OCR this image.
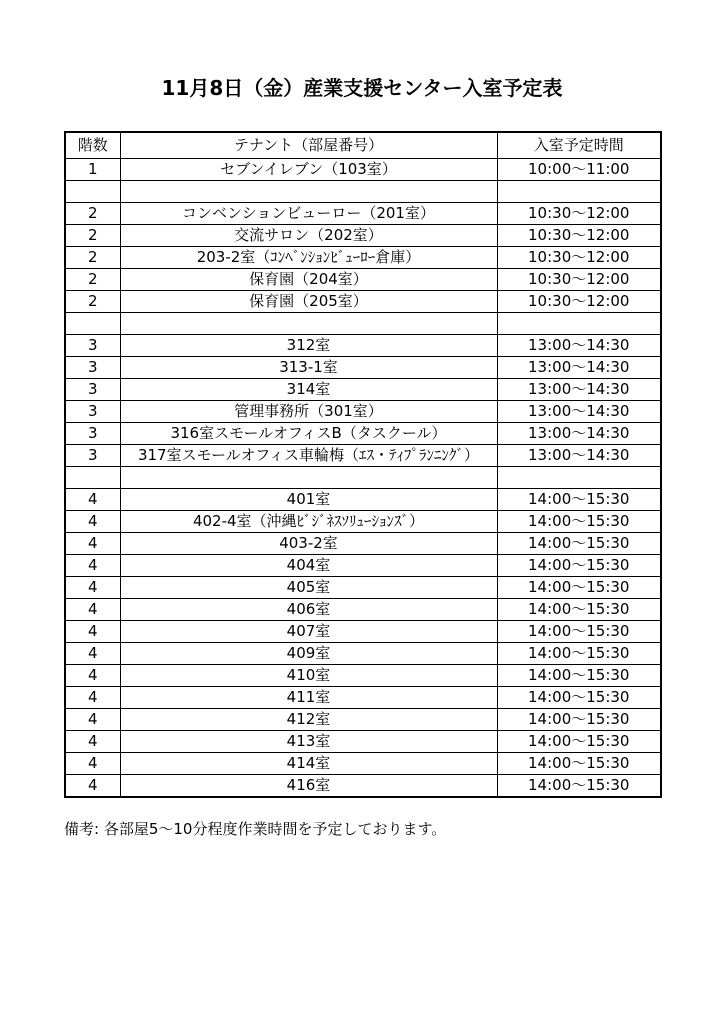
11月8日（金）産業支援センター入室予定表
階数	テナント（部屋番号）	入室予定時間
1	セブンイレブン（103室）	10:00～11:00

2	コンベンションビューロー（201室）	10:30～12:00
2	交流サロン（202室）	10:30～12:00
2	203-2室（ｺﾝﾍﾞﾝｼｮﾝﾋﾞｭｰﾛｰ倉庫）	10:30～12:00
2	保育園（204室）	10:30～12:00
2	保育園（205室）	10:30～12:00

3	312室	13:00～14:30
3	313-1室	13:00～14:30
3	314室	13:00～14:30
3	管理事務所（301室）	13:00～14:30
3	316室スモールオフィスB（タスクール）	13:00～14:30
3	317室スモールオフィス車輪梅（ｴｽ・ﾃｨﾌﾟﾗﾝﾆﾝｸﾞ）	13:00～14:30

4	401室	14:00～15:30
4	402-4室（沖縄ﾋﾞｼﾞﾈｽｿﾘｭｰｼｮﾝｽﾞ）	14:00～15:30
4	403-2室	14:00～15:30
4	404室	14:00～15:30
4	405室	14:00～15:30
4	406室	14:00～15:30
4	407室	14:00～15:30
4	409室	14:00～15:30
4	410室	14:00～15:30
4	411室	14:00～15:30
4	412室	14:00～15:30
4	413室	14:00～15:30
4	414室	14:00～15:30
4	416室	14:00～15:30
備考: 各部屋5～10分程度作業時間を予定しております。
